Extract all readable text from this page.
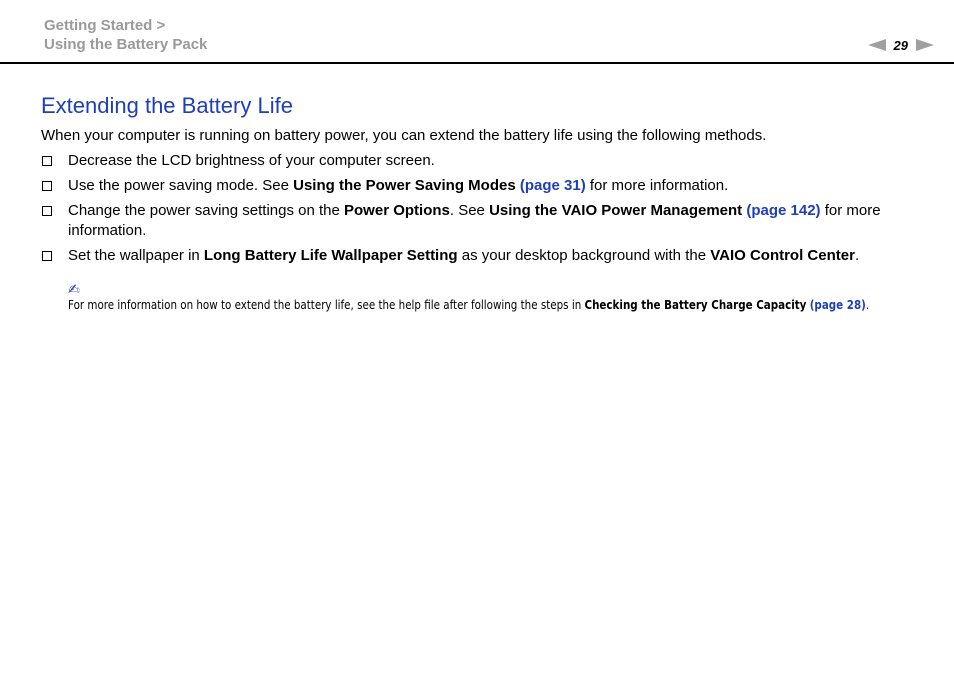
Getting Started >
Using the Battery Pack	29
Extending the Battery Life

When your computer is running on battery power, you can extend the battery life using the following methods.

Decrease the LCD brightness of your computer screen.
Use the power saving mode. See Using the Power Saving Modes (page 31) for more information.
Change the power saving settings on the Power Options. See Using the VAIO Power Management (page 142) for more information.
Set the wallpaper in Long Battery Life Wallpaper Setting as your desktop background with the VAIO Control Center.
✍
For more information on how to extend the battery life, see the help file after following the steps in Checking the Battery Charge Capacity (page 28).
